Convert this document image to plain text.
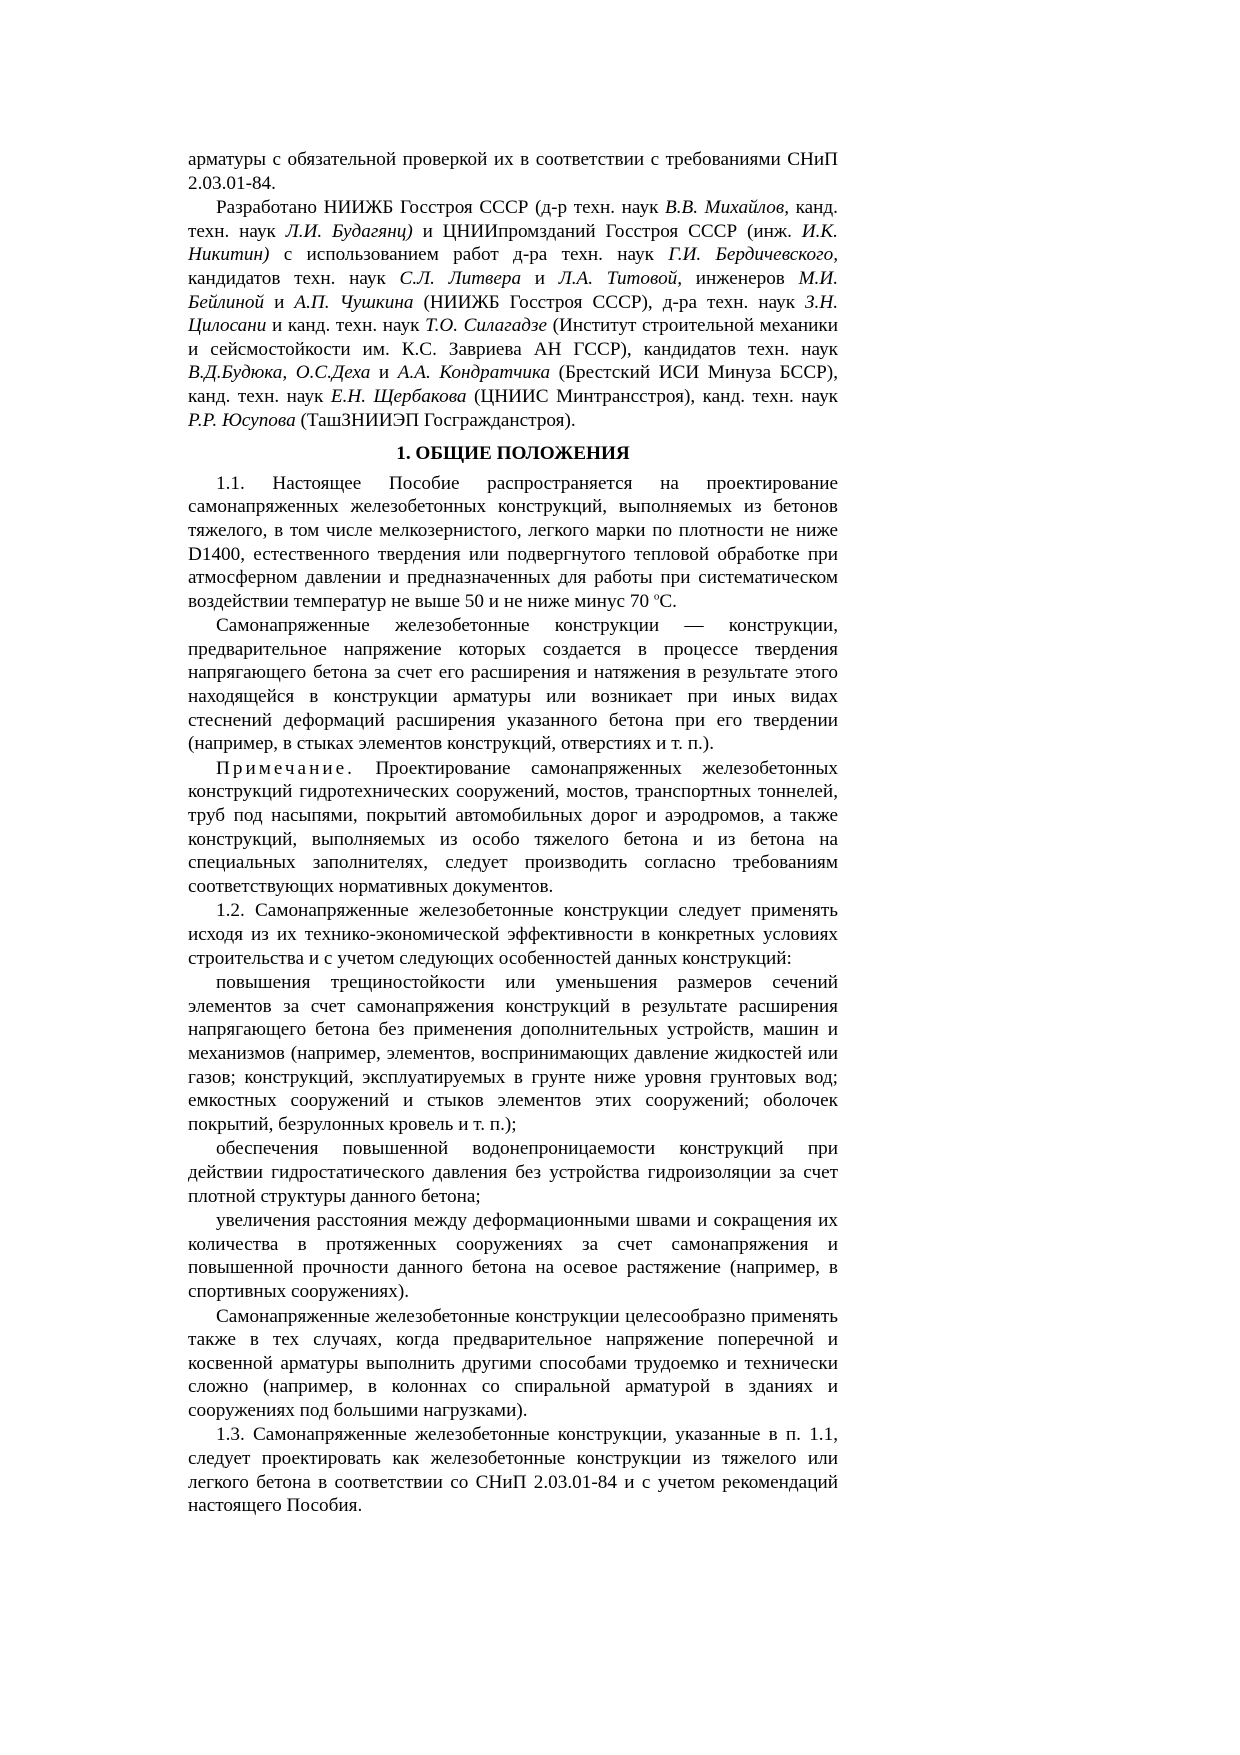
арматуры с обязательной проверкой их в соответствии с требованиями СНиП 2.03.01-84.

Разработано НИИЖБ Госстроя СССР (д-р техн. наук В.В. Михайлов, канд. техн. наук Л.И. Будагянц) и ЦНИИпромзданий Госстроя СССР (инж. И.К. Никитин) с использованием работ д-ра техн. наук Г.И. Бердичевского, кандидатов техн. наук С.Л. Литвера и Л.А. Титовой, инженеров М.И. Бейлиной и А.П. Чушкина (НИИЖБ Госстроя СССР), д-ра техн. наук З.Н. Цилосани и канд. техн. наук Т.О. Силагадзе (Институт строительной механики и сейсмостойкости им. К.С. Завриева АН ГССР), кандидатов техн. наук В.Д.Будюка, О.С.Деха и А.А. Кондратчика (Брестский ИСИ Минуза БССР), канд. техн. наук Е.Н. Щербакова (ЦНИИС Минтрансстроя), канд. техн. наук Р.Р. Юсупова (ТашЗНИИЭП Госгражданстроя).

1. ОБЩИЕ ПОЛОЖЕНИЯ

1.1. Настоящее Пособие распространяется на проектирование самонапряженных железобетонных конструкций, выполняемых из бетонов тяжелого, в том числе мелкозернистого, легкого марки по плотности не ниже D1400, естественного твердения или подвергнутого тепловой обработке при атмосферном давлении и предназначенных для работы при систематическом воздействии температур не выше 50 и не ниже минус 70 $^o$С.

Самонапряженные железобетонные конструкции — конструкции, предварительное напряжение которых создается в процессе твердения напрягающего бетона за счет его расширения и натяжения в результате этого находящейся в конструкции арматуры или возникает при иных видах стеснений деформаций расширения указанного бетона при его твердении (например, в стыках элементов конструкций, отверстиях и т. п.).

Примечание. Проектирование самонапряженных железобетонных конструкций гидротехнических сооружений, мостов, транспортных тоннелей, труб под насыпями, покрытий автомобильных дорог и аэродромов, а также конструкций, выполняемых из особо тяжелого бетона и из бетона на специальных заполнителях, следует производить согласно требованиям соответствующих нормативных документов.

1.2. Самонапряженные железобетонные конструкции следует применять исходя из их технико-экономической эффективности в конкретных условиях строительства и с учетом следующих особенностей данных конструкций:

повышения трещиностойкости или уменьшения размеров сечений элементов за счет самонапряжения конструкций в результате расширения напрягающего бетона без применения дополнительных устройств, машин и механизмов (например, элементов, воспринимающих давление жидкостей или газов; конструкций, эксплуатируемых в грунте ниже уровня грунтовых вод; емкостных сооружений и стыков элементов этих сооружений; оболочек покрытий, безрулонных кровель и т. п.);

обеспечения повышенной водонепроницаемости конструкций при действии гидростатического давления без устройства гидроизоляции за счет плотной структуры данного бетона;

увеличения расстояния между деформационными швами и сокращения их количества в протяженных сооружениях за счет самонапряжения и повышенной прочности данного бетона на осевое растяжение (например, в спортивных сооружениях).

Самонапряженные железобетонные конструкции целесообразно применять также в тех случаях, когда предварительное напряжение поперечной и косвенной арматуры выполнить другими способами трудоемко и технически сложно (например, в колоннах со спиральной арматурой в зданиях и сооружениях под большими нагрузками).

1.3. Самонапряженные железобетонные конструкции, указанные в п. 1.1, следует проектировать как железобетонные конструкции из тяжелого или легкого бетона в соответствии со СНиП 2.03.01-84 и с учетом рекомендаций настоящего Пособия.
